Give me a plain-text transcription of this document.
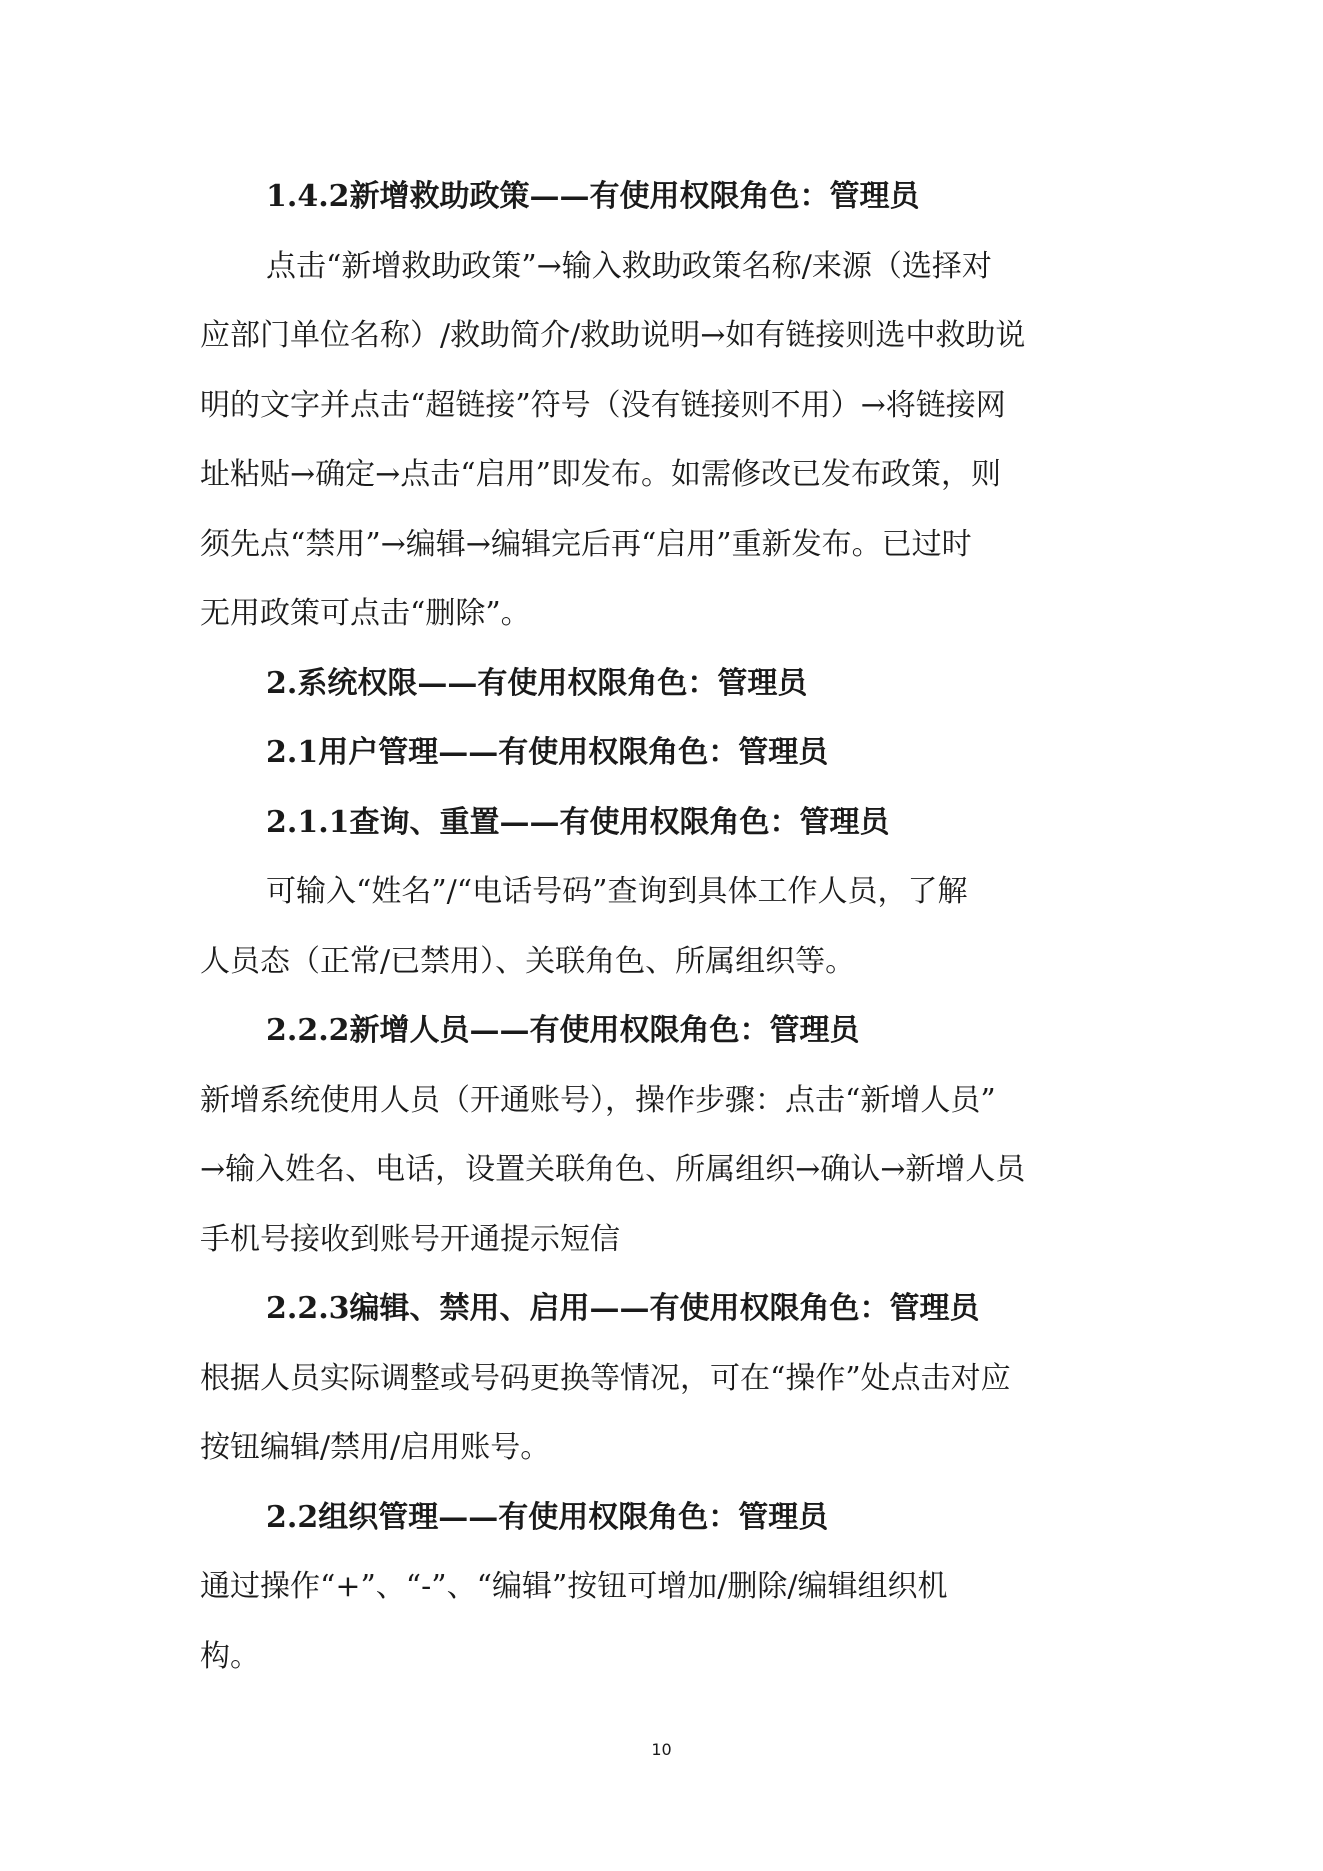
1.4.2新增救助政策——有使用权限角色：管理员
点击“新增救助政策”→输入救助政策名称/来源（选择对
应部门单位名称）/救助简介/救助说明→如有链接则选中救助说
明的文字并点击“超链接”符号（没有链接则不用）→将链接网
址粘贴→确定→点击“启用”即发布。如需修改已发布政策，则
须先点“禁用”→编辑→编辑完后再“启用”重新发布。已过时
无用政策可点击“删除”。
2.系统权限——有使用权限角色：管理员
2.1用户管理——有使用权限角色：管理员
2.1.1查询、重置——有使用权限角色：管理员
可输入“姓名”/“电话号码”查询到具体工作人员，了解
人员态（正常/已禁用）、关联角色、所属组织等。
2.2.2新增人员——有使用权限角色：管理员
新增系统使用人员（开通账号），操作步骤：点击“新增人员”
→输入姓名、电话，设置关联角色、所属组织→确认→新增人员
手机号接收到账号开通提示短信
2.2.3编辑、禁用、启用——有使用权限角色：管理员
根据人员实际调整或号码更换等情况，可在“操作”处点击对应
按钮编辑/禁用/启用账号。
2.2组织管理——有使用权限角色：管理员
通过操作“+”、“-”、“编辑”按钮可增加/删除/编辑组织机
构。
10
